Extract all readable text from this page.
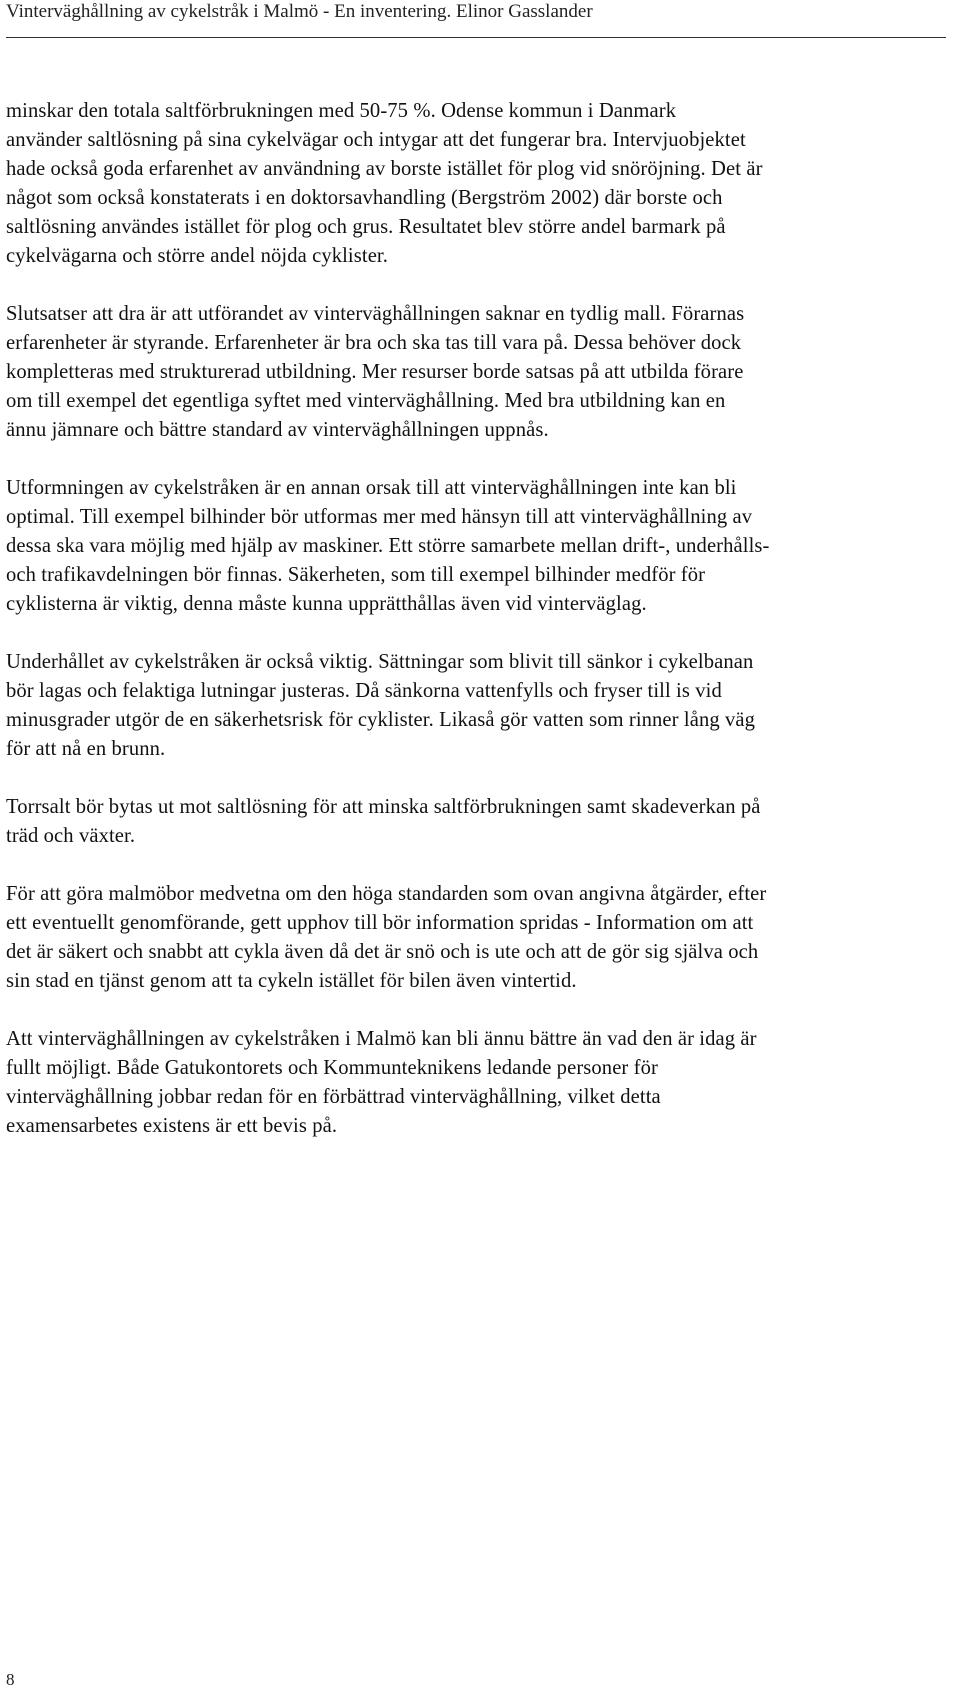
Vinterväghållning av cykelstråk i Malmö - En inventering. Elinor Gasslander

minskar den totala saltförbrukningen med 50-75 %. Odense kommun i Danmark
använder saltlösning på sina cykelvägar och intygar att det fungerar bra. Intervjuobjektet
hade också goda erfarenhet av användning av borste istället för plog vid snöröjning. Det är
något som också konstaterats i en doktorsavhandling (Bergström 2002) där borste och
saltlösning användes istället för plog och grus. Resultatet blev större andel barmark på
cykelvägarna och större andel nöjda cyklister.

Slutsatser att dra är att utförandet av vinterväghållningen saknar en tydlig mall. Förarnas
erfarenheter är styrande. Erfarenheter är bra och ska tas till vara på. Dessa behöver dock
kompletteras med strukturerad utbildning. Mer resurser borde satsas på att utbilda förare
om till exempel det egentliga syftet med vinterväghållning. Med bra utbildning kan en
ännu jämnare och bättre standard av vinterväghållningen uppnås.

Utformningen av cykelstråken är en annan orsak till att vinterväghållningen inte kan bli
optimal. Till exempel bilhinder bör utformas mer med hänsyn till att vinterväghållning av
dessa ska vara möjlig med hjälp av maskiner. Ett större samarbete mellan drift-, underhålls-
och trafikavdelningen bör finnas. Säkerheten, som till exempel bilhinder medför för
cyklisterna är viktig, denna måste kunna upprätthållas även vid vinterväglag.

Underhållet av cykelstråken är också viktig. Sättningar som blivit till sänkor i cykelbanan
bör lagas och felaktiga lutningar justeras. Då sänkorna vattenfylls och fryser till is vid
minusgrader utgör de en säkerhetsrisk för cyklister. Likaså gör vatten som rinner lång väg
för att nå en brunn.

Torrsalt bör bytas ut mot saltlösning för att minska saltförbrukningen samt skadeverkan på
träd och växter.

För att göra malmöbor medvetna om den höga standarden som ovan angivna åtgärder, efter
ett eventuellt genomförande, gett upphov till bör information spridas - Information om att
det är säkert och snabbt att cykla även då det är snö och is ute och att de gör sig själva och
sin stad en tjänst genom att ta cykeln istället för bilen även vintertid.

Att vinterväghållningen av cykelstråken i Malmö kan bli ännu bättre än vad den är idag är
fullt möjligt. Både Gatukontorets och Kommunteknikens ledande personer för
vinterväghållning jobbar redan för en förbättrad vinterväghållning, vilket detta
examensarbetes existens är ett bevis på.

8
